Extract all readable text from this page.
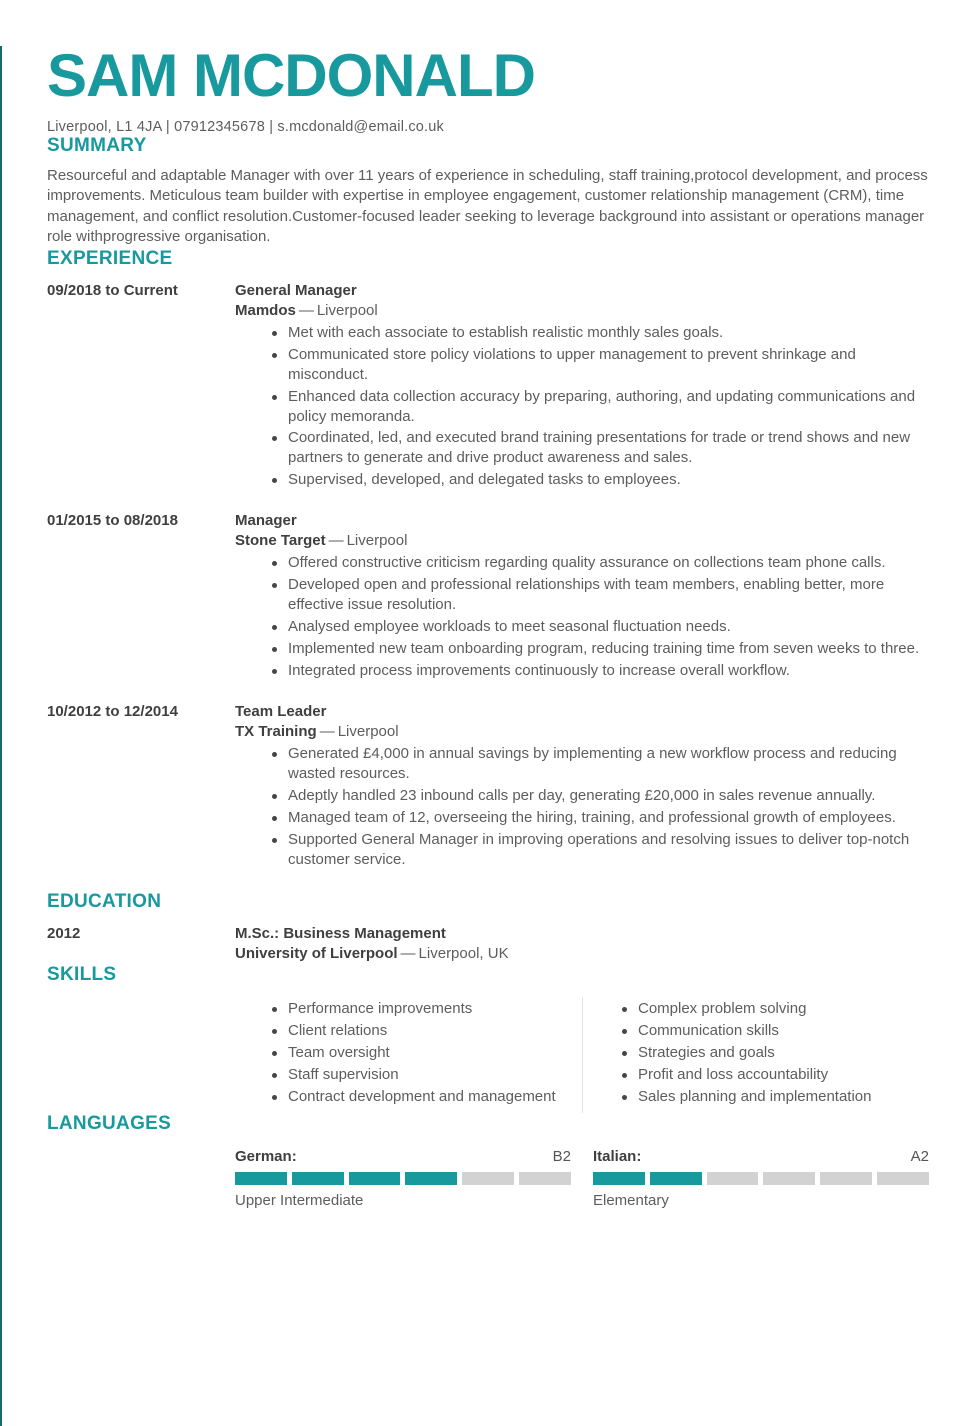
SAM MCDONALD
Liverpool, L1 4JA | 07912345678 | s.mcdonald@email.co.uk
SUMMARY

Resourceful and adaptable Manager with over 11 years of experience in scheduling, staff training,protocol development, and process improvements. Meticulous team builder with expertise in employee engagement, customer relationship management (CRM), time management, and conflict resolution.Customer-focused leader seeking to leverage background into assistant or operations manager role withprogressive organisation.

EXPERIENCE
09/2018 to Current	General Manager
Mamdos — Liverpool
Met with each associate to establish realistic monthly sales goals.
Communicated store policy violations to upper management to prevent shrinkage and misconduct.
Enhanced data collection accuracy by preparing, authoring, and updating communications and policy memoranda.
Coordinated, led, and executed brand training presentations for trade or trend shows and new partners to generate and drive product awareness and sales.
Supervised, developed, and delegated tasks to employees.
01/2015 to 08/2018	Manager
Stone Target — Liverpool
Offered constructive criticism regarding quality assurance on collections team phone calls.
Developed open and professional relationships with team members, enabling better, more effective issue resolution.
Analysed employee workloads to meet seasonal fluctuation needs.
Implemented new team onboarding program, reducing training time from seven weeks to three.
Integrated process improvements continuously to increase overall workflow.
10/2012 to 12/2014	Team Leader
TX Training — Liverpool
Generated £4,000 in annual savings by implementing a new workflow process and reducing wasted resources.
Adeptly handled 23 inbound calls per day, generating £20,000 in sales revenue annually.
Managed team of 12, overseeing the hiring, training, and professional growth of employees.
Supported General Manager in improving operations and resolving issues to deliver top-notch customer service.
EDUCATION
2012	M.Sc.: Business Management
University of Liverpool — Liverpool, UK
SKILLS
Performance improvements
Client relations
Team oversight
Staff supervision
Contract development and management
Complex problem solving
Communication skills
Strategies and goals
Profit and loss accountability
Sales planning and implementation
LANGUAGES
German:	B2
Upper Intermediate
Italian:	A2
Elementary
